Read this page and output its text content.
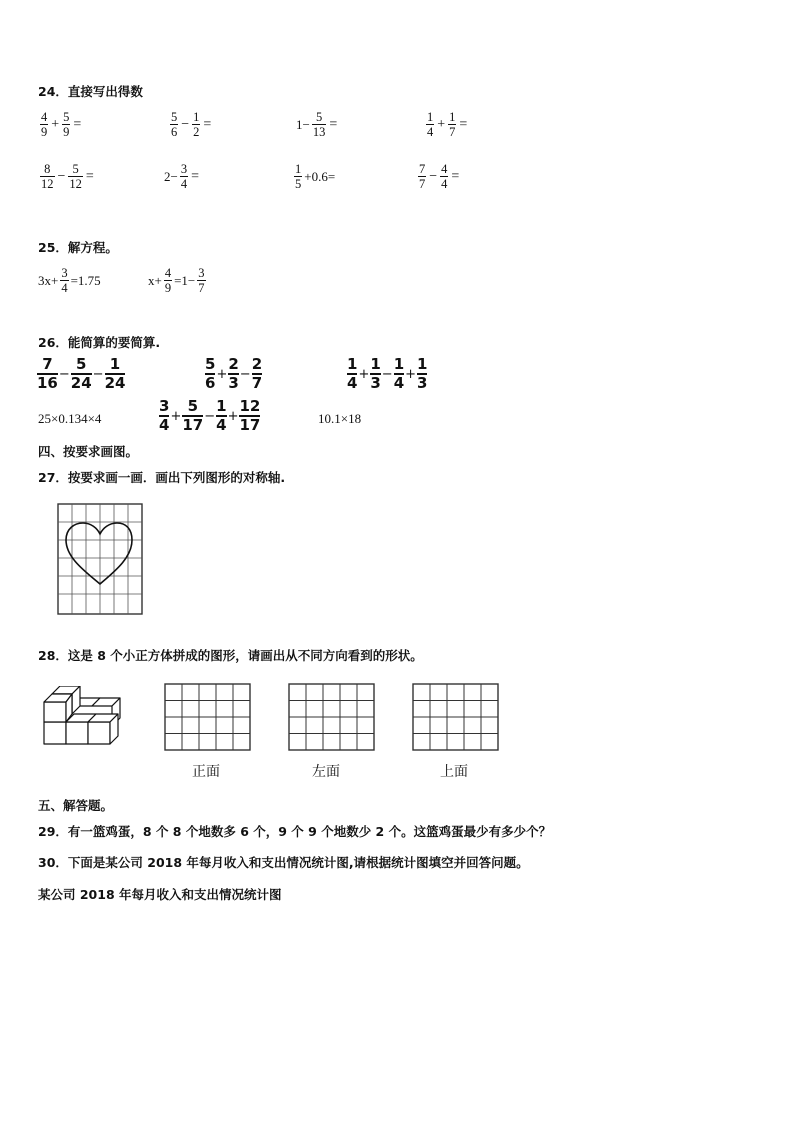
24．直接写出得数
$\frac{4}{9} + \frac{5}{9}$ =	$\frac{5}{6} - \frac{1}{2}$ =	$1- \frac{5}{13}$ =	$\frac{1}{4} + \frac{1}{7}$ =
$\frac{8}{12} - \frac{5}{12}$ =	$2- \frac{3}{4}$ =	$\frac{1}{5} +0.6=$	$\frac{7}{7} - \frac{4}{4}$ =
25．解方程。
$3x+ \frac{3}{4} =1.75$	$x+ \frac{4}{9} =1- \frac{3}{7}$
26．能简算的要简算.
$\frac{7}{16} - \frac{5}{24} - \frac{1}{24}$	$\frac{5}{6} + \frac{2}{3} - \frac{2}{7}$	$\frac{1}{4} + \frac{1}{3} - \frac{1}{4} + \frac{1}{3}$
25×0.134×4	$\frac{3}{4} + \frac{5}{17} - \frac{1}{4} + \frac{12}{17}$	10.1×18
四、按要求画图。
27．按要求画一画．画出下列图形的对称轴.
28．这是 8 个小正方体拼成的图形，请画出从不同方向看到的形状。
正面	左面	上面
五、解答题。
29．有一篮鸡蛋，8 个 8 个地数多 6 个，9 个 9 个地数少 2 个。这篮鸡蛋最少有多少个？
30．下面是某公司 2018 年每月收入和支出情况统计图,请根据统计图填空并回答问题。
某公司 2018 年每月收入和支出情况统计图
